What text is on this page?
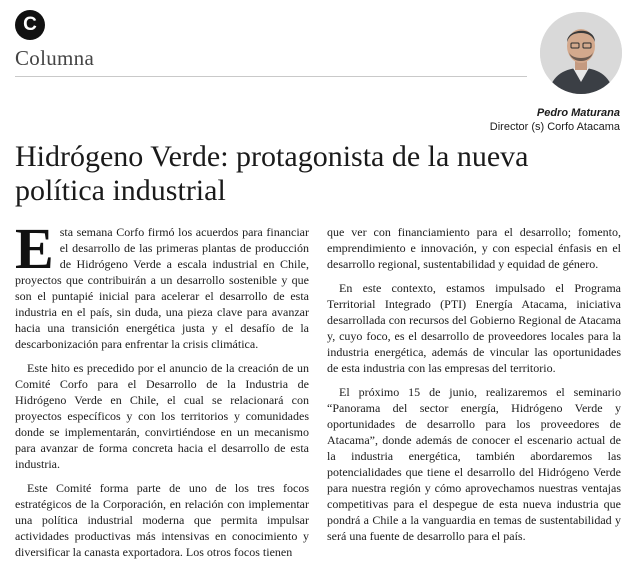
C
Columna
Pedro Maturana
Director (s) Corfo Atacama
Hidrógeno Verde: protagonista de la nueva política industrial

Esta semana Corfo firmó los acuerdos para financiar el desarrollo de las primeras plantas de producción de Hidrógeno Verde a escala industrial en Chile, proyectos que contribuirán a un desarrollo sostenible y que son el puntapié inicial para acelerar el desarrollo de esta industria en el país, sin duda, una pieza clave para avanzar hacia una transición energética justa y el desafío de la descarbonización para enfrentar la crisis climática.

Este hito es precedido por el anuncio de la creación de un Comité Corfo para el Desarrollo de la Industria de Hidrógeno Verde en Chile, el cual se relacionará con proyectos específicos y con los territorios y comunidades donde se implementarán, convirtiéndose en un mecanismo para avanzar de forma concreta hacia el desarrollo de esta industria.

Este Comité forma parte de uno de los tres focos estratégicos de la Corporación, en relación con implementar una política industrial moderna que permita impulsar actividades productivas más intensivas en conocimiento y diversificar la canasta exportadora. Los otros focos tienen

que ver con financiamiento para el desarrollo; fomento, emprendimiento e innovación, y con especial énfasis en el desarrollo regional, sustentabilidad y equidad de género.

En este contexto, estamos impulsado el Programa Territorial Integrado (PTI) Energía Atacama, iniciativa desarrollada con recursos del Gobierno Regional de Atacama y, cuyo foco, es el desarrollo de proveedores locales para la industria energética, además de vincular las oportunidades de esta industria con las empresas del territorio.

El próximo 15 de junio, realizaremos el seminario “Panorama del sector energía, Hidrógeno Verde y oportunidades de desarrollo para los proveedores de Atacama”, donde además de conocer el escenario actual de la industria energética, también abordaremos las potencialidades que tiene el desarrollo del Hidrógeno Verde para nuestra región y cómo aprovechamos nuestras ventajas competitivas para el despegue de esta nueva industria que pondrá a Chile a la vanguardia en temas de sustentabilidad y será una fuente de desarrollo para el país.
